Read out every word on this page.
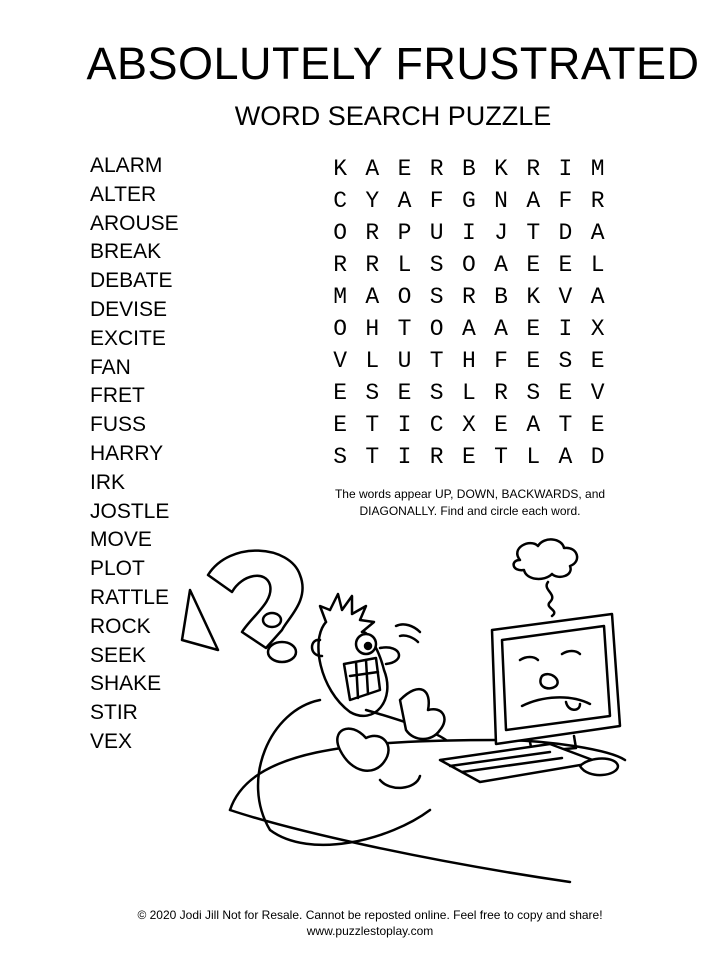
ABSOLUTELY FRUSTRATED
WORD SEARCH PUZZLE
ALARM
ALTER
AROUSE
BREAK
DEBATE
DEVISE
EXCITE
FAN
FRET
FUSS
HARRY
IRK
JOSTLE
MOVE
PLOT
RATTLE
ROCK
SEEK
SHAKE
STIR
VEX
K A E R B K R I M
C Y A F G N A F R
O R P U I J T D A
R R L S O A E E L
M A O S R B K V A
O H T O A A E I X
V L U T H F E S E
E S E S L R S E V
E T I C X E A T E
S T I R E T L A D
The words appear UP, DOWN, BACKWARDS, and
DIAGONALLY. Find and circle each word.
© 2020 Jodi Jill Not for Resale. Cannot be reposted online. Feel free to copy and share!
www.puzzlestoplay.com
